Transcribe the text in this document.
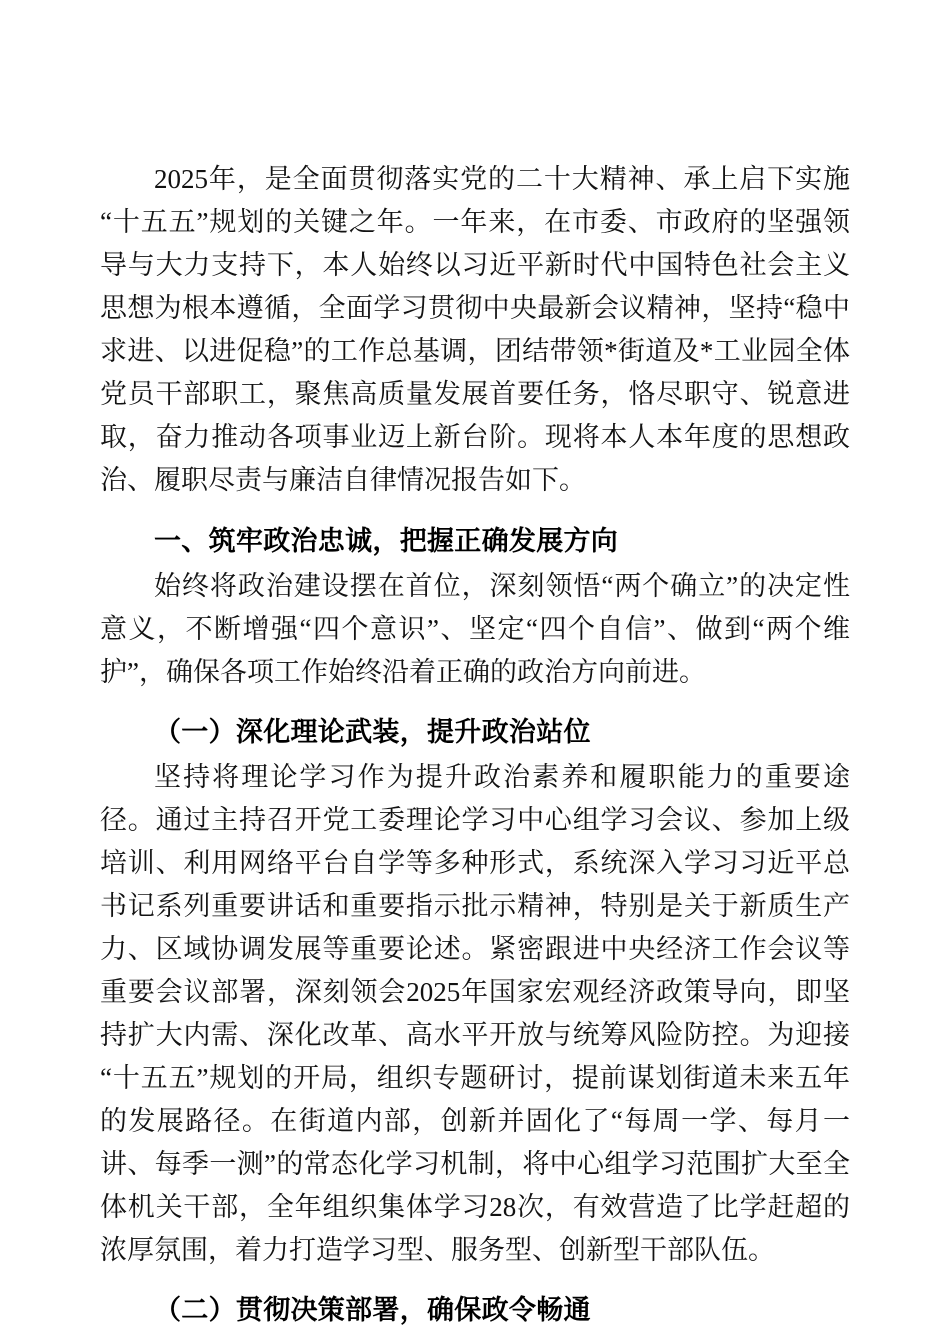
2025年，是全面贯彻落实党的二十大精神、承上启下实施“十五五”规划的关键之年。一年来，在市委、市政府的坚强领导与大力支持下，本人始终以习近平新时代中国特色社会主义思想为根本遵循，全面学习贯彻中央最新会议精神，坚持“稳中求进、以进促稳”的工作总基调，团结带领*街道及*工业园全体党员干部职工，聚焦高质量发展首要任务，恪尽职守、锐意进取，奋力推动各项事业迈上新台阶。现将本人本年度的思想政治、履职尽责与廉洁自律情况报告如下。

一、筑牢政治忠诚，把握正确发展方向

始终将政治建设摆在首位，深刻领悟“两个确立”的决定性意义，不断增强“四个意识”、坚定“四个自信”、做到“两个维护”，确保各项工作始终沿着正确的政治方向前进。

（一）深化理论武装，提升政治站位

坚持将理论学习作为提升政治素养和履职能力的重要途径。通过主持召开党工委理论学习中心组学习会议、参加上级培训、利用网络平台自学等多种形式，系统深入学习习近平总书记系列重要讲话和重要指示批示精神，特别是关于新质生产力、区域协调发展等重要论述。紧密跟进中央经济工作会议等重要会议部署，深刻领会2025年国家宏观经济政策导向，即坚持扩大内需、深化改革、高水平开放与统筹风险防控。为迎接“十五五”规划的开局，组织专题研讨，提前谋划街道未来五年的发展路径。在街道内部，创新并固化了“每周一学、每月一讲、每季一测”的常态化学习机制，将中心组学习范围扩大至全体机关干部，全年组织集体学习28次，有效营造了比学赶超的浓厚氛围，着力打造学习型、服务型、创新型干部队伍。

（二）贯彻决策部署，确保政令畅通
